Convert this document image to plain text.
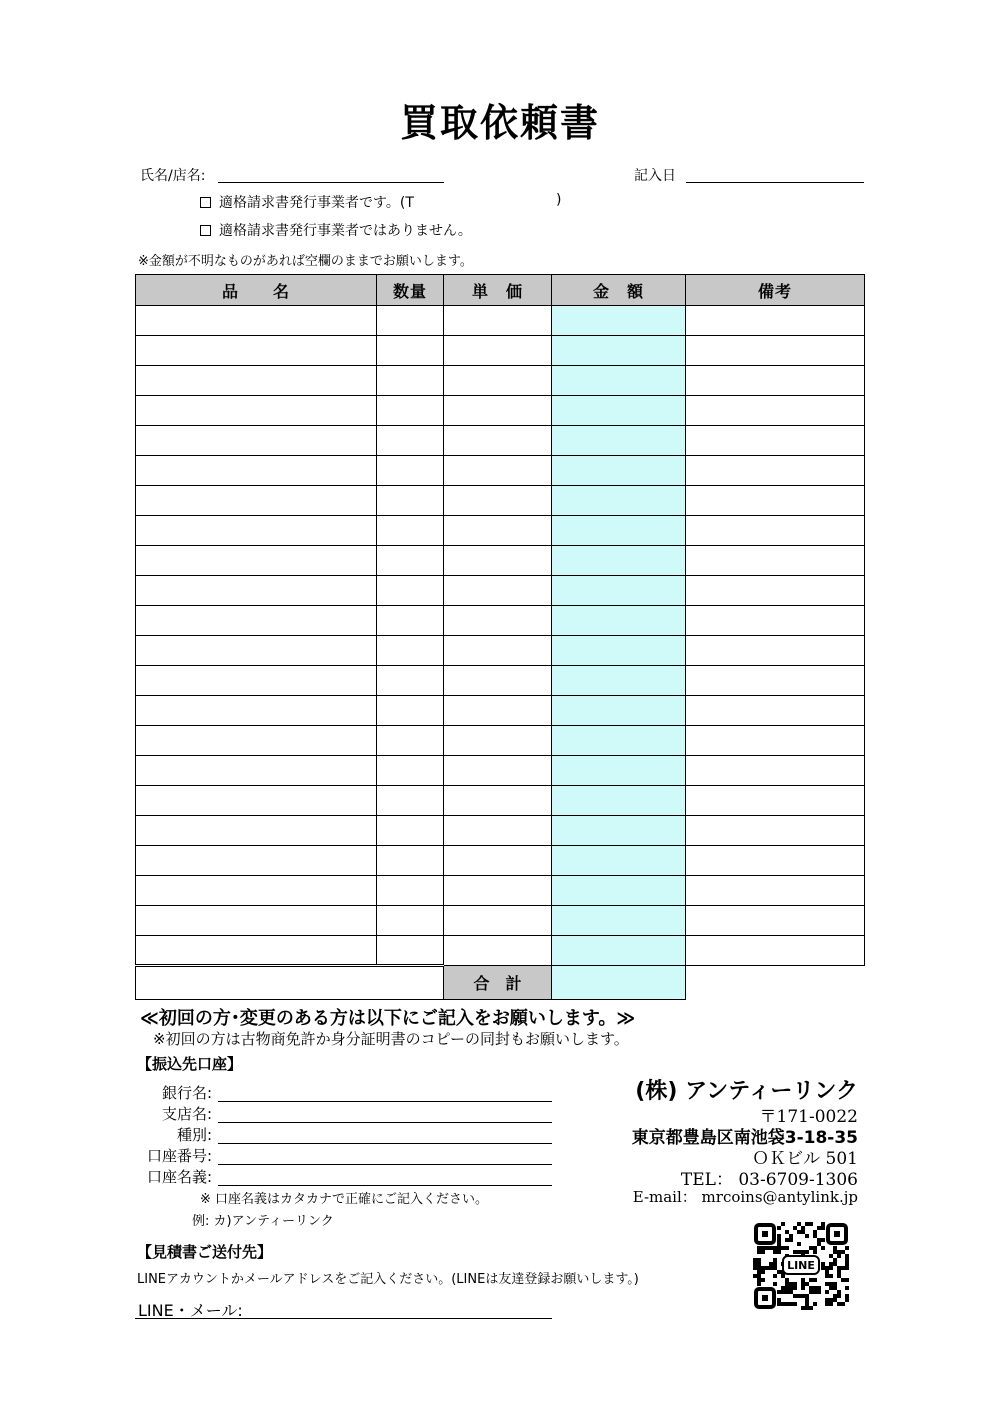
買取依頼書
氏名/店名:	記入日
適格請求書発行事業者です。(T	)
適格請求書発行事業者ではありません。
※金額が不明なものがあれば空欄のままでお願いします。
品　　名	数量	単　価	金　額	備考

		合　計		
≪初回の方･変更のある方は以下にご記入をお願いします。≫
※初回の方は古物商免許か身分証明書のコピーの同封もお願いします。
【振込先口座】
銀行名:
支店名:
種別:
口座番号:
口座名義:
※ 口座名義はカタカナで正確にご記入ください。
例: カ)アンティーリンク
(株) アンティーリンク
〒171-0022
東京都豊島区南池袋3-18-35
ＯＫビル 501
TEL： 03-6709-1306
E-mail： mrcoins@antylink.jp
【見積書ご送付先】
LINEアカウントかメールアドレスをご記入ください。(LINEは友達登録お願いします。)
LINE・メール:
LINE
